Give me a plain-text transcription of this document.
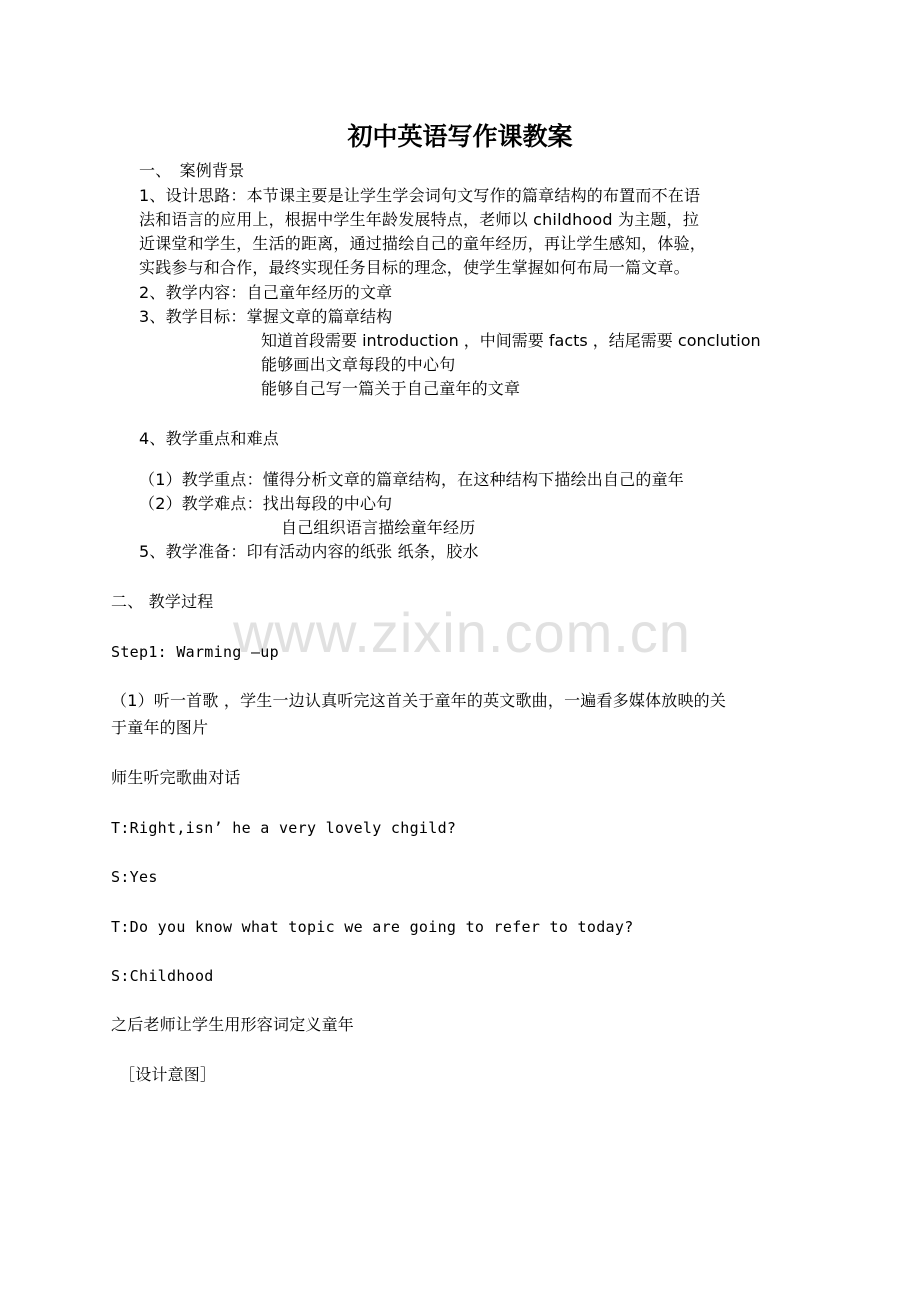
www.zixin.com.cn
初中英语写作课教案

一、　案例背景

1、设计思路：本节课主要是让学生学会词句文写作的篇章结构的布置而不在语

法和语言的应用上，根据中学生年龄发展特点，老师以 childhood 为主题，拉

近课堂和学生，生活的距离，通过描绘自己的童年经历，再让学生感知，体验，

实践参与和合作，最终实现任务目标的理念，使学生掌握如何布局一篇文章。

2、教学内容：自己童年经历的文章

3、教学目标：掌握文章的篇章结构

知道首段需要 introduction ，中间需要 facts ，结尾需要 conclution

能够画出文章每段的中心句

能够自己写一篇关于自己童年的文章

4、教学重点和难点

（1）教学重点：懂得分析文章的篇章结构，在这种结构下描绘出自己的童年

（2）教学难点：找出每段的中心句

自己组织语言描绘童年经历

5、教学准备：印有活动内容的纸张 纸条，胶水

二、 教学过程

Step1: Warming –up

（1）听一首歌 ，学生一边认真听完这首关于童年的英文歌曲，一遍看多媒体放映的关

于童年的图片

师生听完歌曲对话

T:Right,isn’ he a very lovely chgild?

S:Yes

T:Do you know what topic we are going to refer to today?

S:Childhood

之后老师让学生用形容词定义童年

［设计意图］
